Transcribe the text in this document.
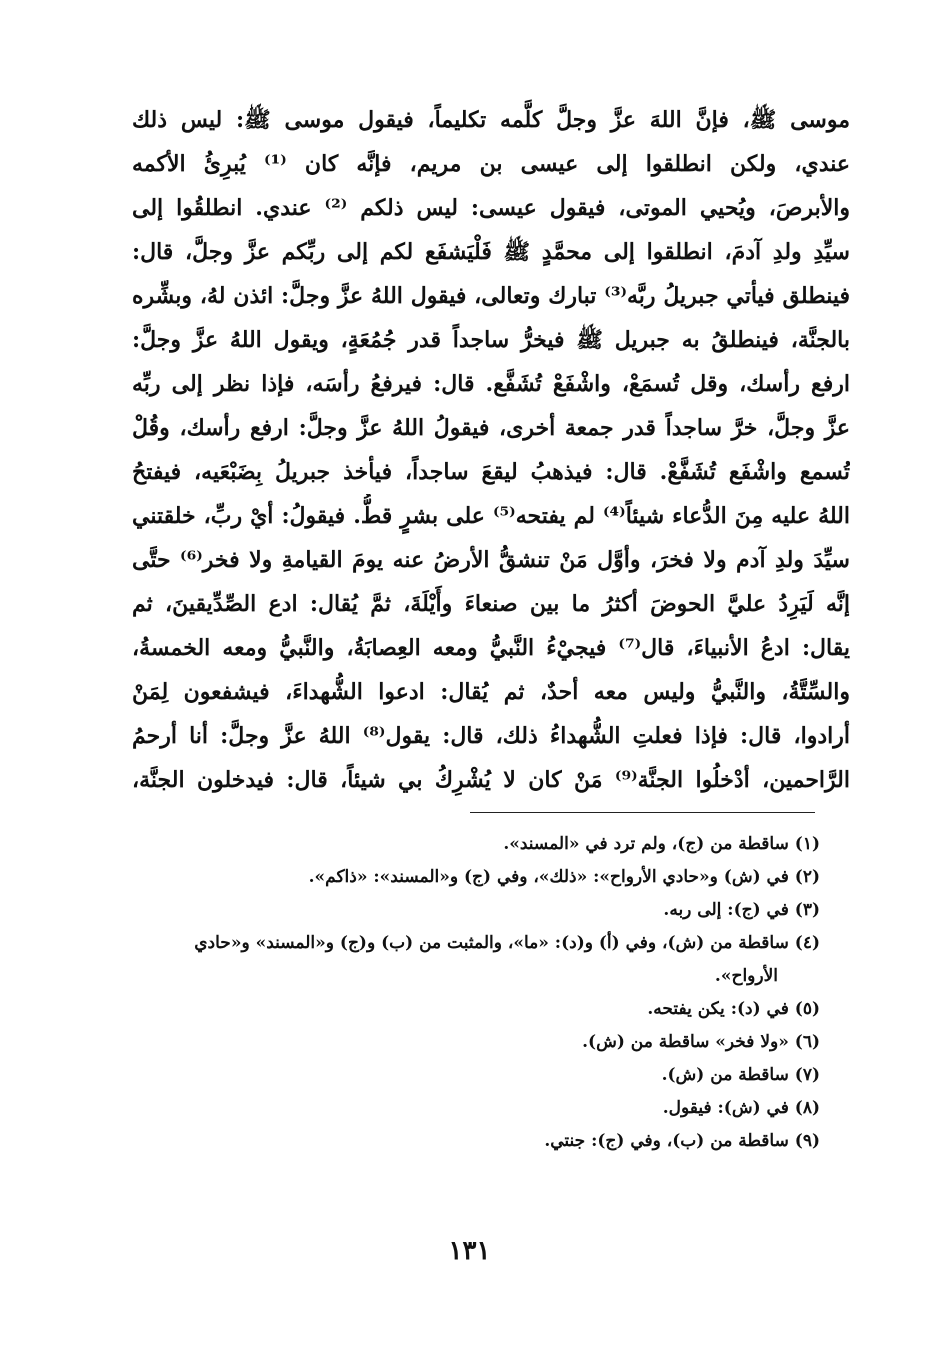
موسى ﷺ، فإنَّ اللهَ عزَّ وجلَّ كلَّمه تكليماً، فيقول موسى ﷺ: ليس ذلك
عندي، ولكن انطلقوا إلى عيسى بن مريم، فإنَّه كان ⁽¹⁾ يُبرِئُ الأكمه
والأبرصَ، ويُحيي الموتى، فيقول عيسى: ليس ذلكم ⁽²⁾ عندي. انطلقُوا إلى
سيِّدِ ولدِ آدمَ، انطلقوا إلى محمَّدٍ ﷺ فَلْيَشفَع لكم إلى ربِّكم عزَّ وجلَّ، قال:
فينطلق فيأتي جبريلُ ربَّه⁽³⁾ تبارك وتعالى، فيقول اللهُ عزَّ وجلَّ: ائذن لهُ، وبشِّره
بالجنَّة، فينطلقُ به جبريل ﷺ فيخرُّ ساجداً قدر جُمُعَةٍ، ويقول اللهُ عزَّ وجلَّ:
ارفع رأسك، وقل تُسمَعْ، واشْفَعْ تُشَفَّع. قال: فيرفعُ رأسَه، فإذا نظر إلى ربِّه
عزَّ وجلَّ، خرَّ ساجداً قدر جمعة أخرى، فيقولُ اللهُ عزَّ وجلَّ: ارفع رأسك، وقُلْ
تُسمع واشْفَع تُشَفَّعْ. قال: فيذهبُ ليقعَ ساجداً، فيأخذ جبريلُ بِضَبْعَيه، فيفتحُ
اللهُ عليه مِنَ الدُّعاء شيئاً⁽⁴⁾ لم يفتحه⁽⁵⁾ على بشرٍ قطُّ. فيقولُ: أيْ ربِّ، خلقتني
سيِّدَ ولدِ آدم ولا فخرَ، وأوَّل مَنْ تنشقُّ الأرضُ عنه يومَ القيامةِ ولا فخر⁽⁶⁾ حتَّى
إنَّه لَيَرِدُ عليَّ الحوضَ أكثرُ ما بين صنعاءَ وأَيْلَةَ، ثمَّ يُقال: ادع الصِّدِّيقينَ، ثم
يقال: ادعُ الأنبياءَ، قال⁽⁷⁾ فيجيْءُ النَّبيُّ ومعه العِصابَةُ، والنَّبيُّ ومعه الخمسةُ،
والسِّتَّةُ، والنَّبيُّ وليس معه أحدٌ، ثم يُقال: ادعوا الشُّهداءَ، فيشفعون لِمَنْ
أرادوا، قال: فإذا فعلتِ الشُّهداءُ ذلك، قال: يقول⁽⁸⁾ اللهُ عزَّ وجلَّ: أنا أرحمُ
الرَّاحمين، أدْخلُوا الجنَّة⁽⁹⁾ مَنْ كان لا يُشْرِكُ بي شيئاً، قال: فيدخلون الجنَّة،
(١) ساقطة من (ج)، ولم ترد في «المسند».
(٢) في (ش) و«حادي الأرواح»: «ذلك»، وفي (ج) و«المسند»: «ذاكم».
(٣) في (ج): إلى ربه.
(٤) ساقطة من (ش)، وفي (أ) و(د): «ما»، والمثبت من (ب) و(ج) و«المسند» و«حادي
الأرواح».
(٥) في (د): يكن يفتحه.
(٦) «ولا فخر» ساقطة من (ش).
(٧) ساقطة من (ش).
(٨) في (ش): فيقول.
(٩) ساقطة من (ب)، وفي (ج): جنتي.
١٣١
